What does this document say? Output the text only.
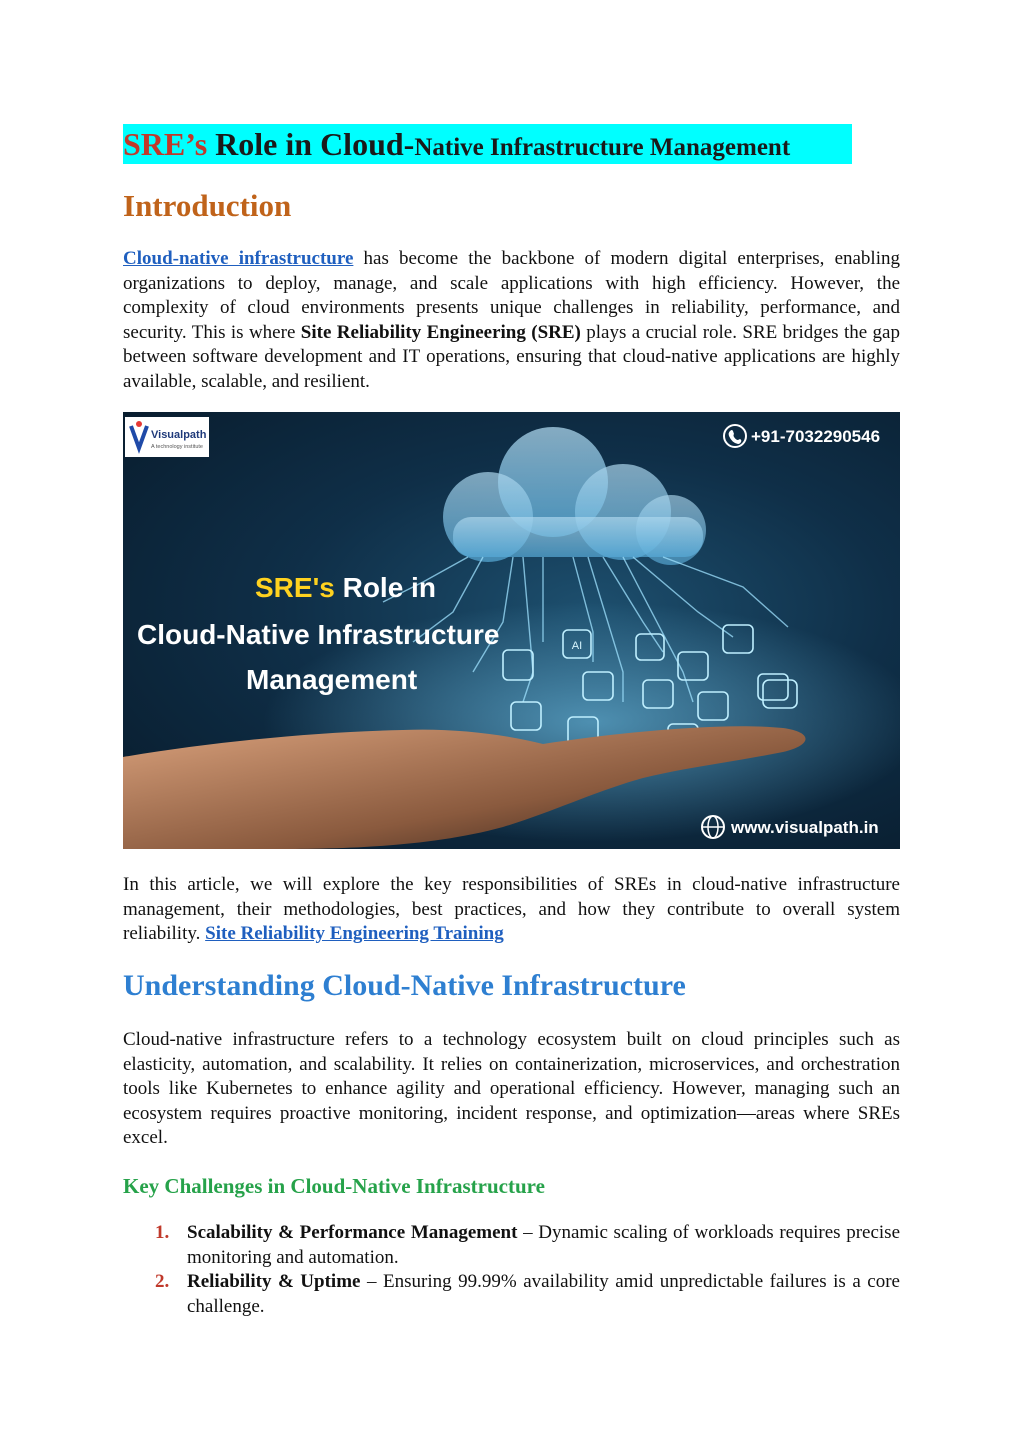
SRE’s Role in Cloud-Native Infrastructure Management
Introduction

Cloud-native infrastructure has become the backbone of modern digital enterprises, enabling organizations to deploy, manage, and scale applications with high efficiency. However, the complexity of cloud environments presents unique challenges in reliability, performance, and security. This is where Site Reliability Engineering (SRE) plays a crucial role. SRE bridges the gap between software development and IT operations, ensuring that cloud-native applications are highly available, scalable, and resilient.

AI
Visualpath
A technology institute
+91-7032290546
SRE's Role in
Cloud-Native Infrastructure
Management
www.visualpath.in

In this article, we will explore the key responsibilities of SREs in cloud-native infrastructure management, their methodologies, best practices, and how they contribute to overall system reliability. Site Reliability Engineering Training

Understanding Cloud-Native Infrastructure

Cloud-native infrastructure refers to a technology ecosystem built on cloud principles such as elasticity, automation, and scalability. It relies on containerization, microservices, and orchestration tools like Kubernetes to enhance agility and operational efficiency. However, managing such an ecosystem requires proactive monitoring, incident response, and optimization—areas where SREs excel.

Key Challenges in Cloud-Native Infrastructure
1. Scalability & Performance Management – Dynamic scaling of workloads requires precise monitoring and automation.
2. Reliability & Uptime – Ensuring 99.99% availability amid unpredictable failures is a core challenge.
